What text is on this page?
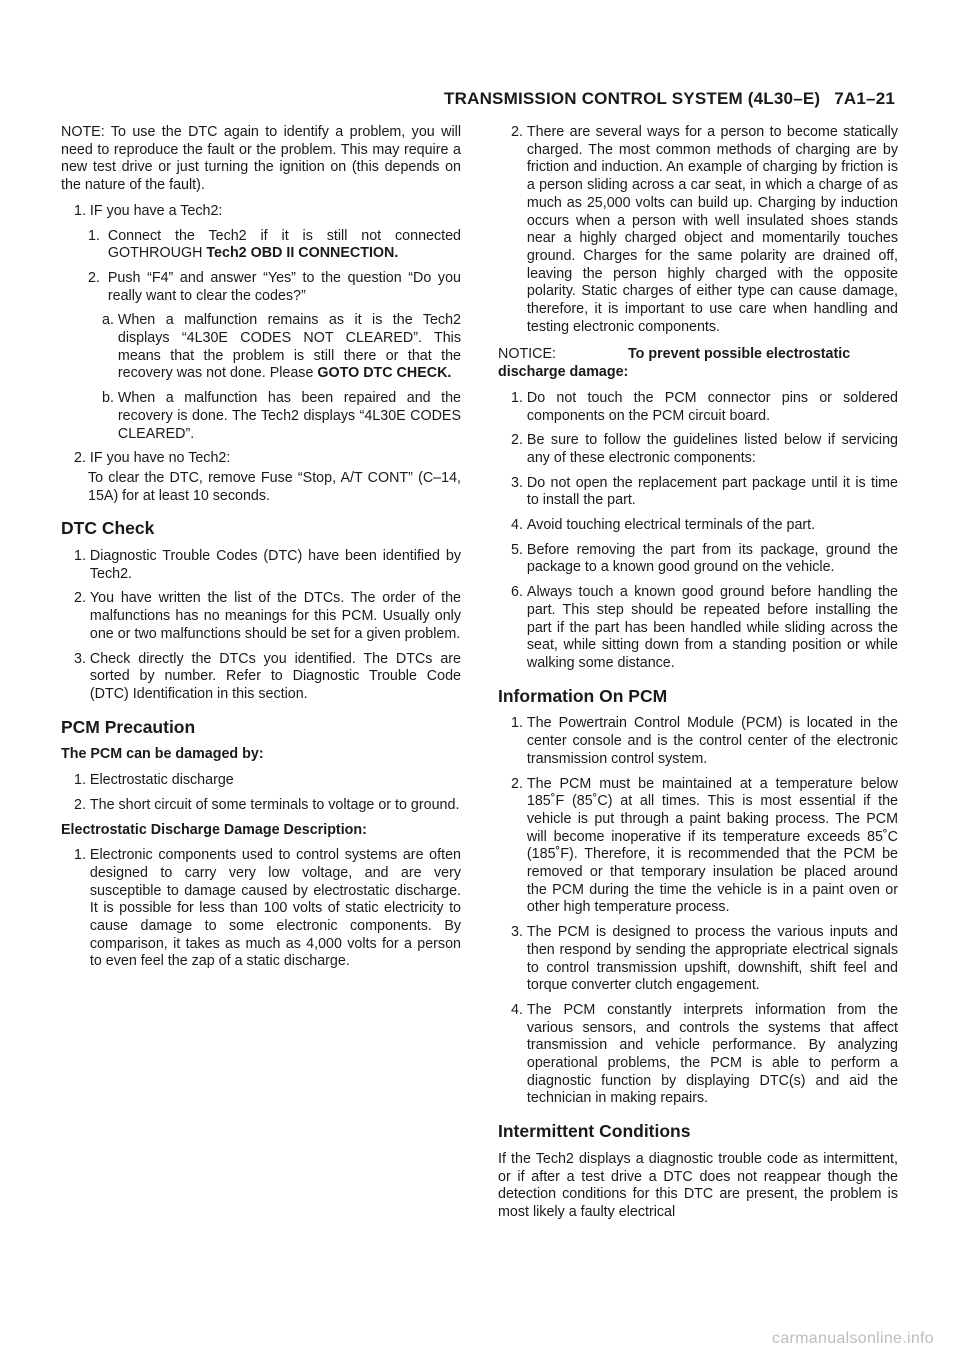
TRANSMISSION CONTROL SYSTEM (4L30–E) 7A1–21

NOTE: To use the DTC again to identify a problem, you will need to reproduce the fault or the problem. This may require a new test drive or just turning the ignition on (this depends on the nature of the fault).

1. IF you have a Tech2:
1. Connect the Tech2 if it is still not connected GOTHROUGH Tech2 OBD II CONNECTION.
2. Push “F4” and answer “Yes” to the question “Do you really want to clear the codes?”
a. When a malfunction remains as it is the Tech2 displays “4L30E CODES NOT CLEARED”. This means that the problem is still there or that the recovery was not done. Please GOTO DTC CHECK.
b. When a malfunction has been repaired and the recovery is done. The Tech2 displays “4L30E CODES CLEARED”.
2. IF you have no Tech2:

To clear the DTC, remove Fuse “Stop, A/T CONT” (C–14, 15A) for at least 10 seconds.

DTC Check
1. Diagnostic Trouble Codes (DTC) have been identified by Tech2.
2. You have written the list of the DTCs. The order of the malfunctions has no meanings for this PCM. Usually only one or two malfunctions should be set for a given problem.
3. Check directly the DTCs you identified. The DTCs are sorted by number. Refer to Diagnostic Trouble Code (DTC) Identification in this section.
PCM Precaution
The PCM can be damaged by:
1. Electrostatic discharge
2. The short circuit of some terminals to voltage or to ground.
Electrostatic Discharge Damage Description:
1. Electronic components used to control systems are often designed to carry very low voltage, and are very susceptible to damage caused by electrostatic discharge. It is possible for less than 100 volts of static electricity to cause damage to some electronic components. By comparison, it takes as much as 4,000 volts for a person to even feel the zap of a static discharge.
2. There are several ways for a person to become statically charged. The most common methods of charging are by friction and induction. An example of charging by friction is a person sliding across a car seat, in which a charge of as much as 25,000 volts can build up. Charging by induction occurs when a person with well insulated shoes stands near a highly charged object and momentarily touches ground. Charges for the same polarity are drained off, leaving the person highly charged with the opposite polarity. Static charges of either type can cause damage, therefore, it is important to use care when handling and testing electronic components.
NOTICE:	To prevent possible electrostatic
discharge damage:
1. Do not touch the PCM connector pins or soldered components on the PCM circuit board.
2. Be sure to follow the guidelines listed below if servicing any of these electronic components:
3. Do not open the replacement part package until it is time to install the part.
4. Avoid touching electrical terminals of the part.
5. Before removing the part from its package, ground the package to a known good ground on the vehicle.
6. Always touch a known good ground before handling the part. This step should be repeated before installing the part if the part has been handled while sliding across the seat, while sitting down from a standing position or while walking some distance.
Information On PCM
1. The Powertrain Control Module (PCM) is located in the center console and is the control center of the electronic transmission control system.
2. The PCM must be maintained at a temperature below 185˚F (85˚C) at all times. This is most essential if the vehicle is put through a paint baking process. The PCM will become inoperative if its temperature exceeds 85˚C (185˚F). Therefore, it is recommended that the PCM be removed or that temporary insulation be placed around the PCM during the time the vehicle is in a paint oven or other high temperature process.
3. The PCM is designed to process the various inputs and then respond by sending the appropriate electrical signals to control transmission upshift, downshift, shift feel and torque converter clutch engagement.
4. The PCM constantly interprets information from the various sensors, and controls the systems that affect transmission and vehicle performance. By analyzing operational problems, the PCM is able to perform a diagnostic function by displaying DTC(s) and aid the technician in making repairs.
Intermittent Conditions

If the Tech2 displays a diagnostic trouble code as intermittent, or if after a test drive a DTC does not reappear though the detection conditions for this DTC are present, the problem is most likely a faulty electrical

carmanualsonline.info
